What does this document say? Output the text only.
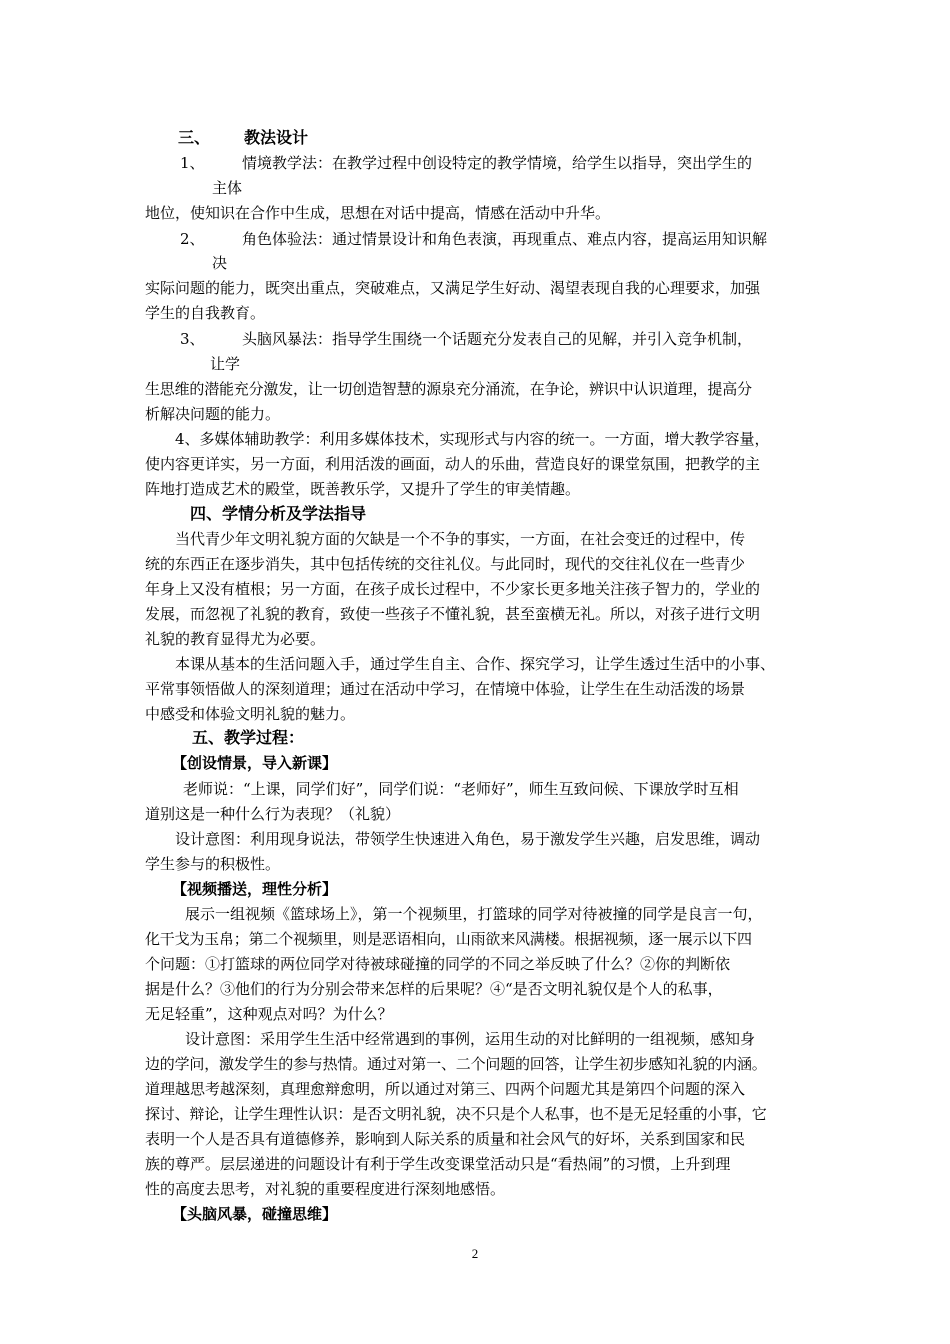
三、 教法设计
1、 情境教学法：在教学过程中创设特定的教学情境，给学生以指导，突出学生的
主体
地位，使知识在合作中生成，思想在对话中提高，情感在活动中升华。
2、 角色体验法：通过情景设计和角色表演，再现重点、难点内容，提高运用知识解
决
实际问题的能力，既突出重点，突破难点，又满足学生好动、渴望表现自我的心理要求，加强
学生的自我教育。
3、 头脑风暴法：指导学生围绕一个话题充分发表自己的见解，并引入竞争机制，
让学
生思维的潜能充分激发，让一切创造智慧的源泉充分涌流，在争论，辨识中认识道理，提高分
析解决问题的能力。
4、多媒体辅助教学：利用多媒体技术，实现形式与内容的统一。一方面，增大教学容量，
使内容更详实，另一方面，利用活泼的画面，动人的乐曲，营造良好的课堂氛围，把教学的主
阵地打造成艺术的殿堂，既善教乐学，又提升了学生的审美情趣。
四、学情分析及学法指导
当代青少年文明礼貌方面的欠缺是一个不争的事实，一方面，在社会变迁的过程中，传
统的东西正在逐步消失，其中包括传统的交往礼仪。与此同时，现代的交往礼仪在一些青少
年身上又没有植根；另一方面，在孩子成长过程中，不少家长更多地关注孩子智力的，学业的
发展，而忽视了礼貌的教育，致使一些孩子不懂礼貌，甚至蛮横无礼。所以，对孩子进行文明
礼貌的教育显得尤为必要。
本课从基本的生活问题入手，通过学生自主、合作、探究学习，让学生透过生活中的小事、
平常事领悟做人的深刻道理；通过在活动中学习，在情境中体验，让学生在生动活泼的场景
中感受和体验文明礼貌的魅力。
五、教学过程：
【创设情景，导入新课】
老师说：“上课，同学们好”，同学们说：“老师好”，师生互致问候、下课放学时互相
道别这是一种什么行为表现？（礼貌）
设计意图：利用现身说法，带领学生快速进入角色，易于激发学生兴趣，启发思维，调动
学生参与的积极性。
【视频播送，理性分析】
展示一组视频《篮球场上》，第一个视频里，打篮球的同学对待被撞的同学是良言一句，
化干戈为玉帛；第二个视频里，则是恶语相向，山雨欲来风满楼。根据视频，逐一展示以下四
个问题：①打篮球的两位同学对待被球碰撞的同学的不同之举反映了什么？②你的判断依
据是什么？③他们的行为分别会带来怎样的后果呢？④“是否文明礼貌仅是个人的私事，
无足轻重”，这种观点对吗？为什么？
设计意图：采用学生生活中经常遇到的事例，运用生动的对比鲜明的一组视频，感知身
边的学问，激发学生的参与热情。通过对第一、二个问题的回答，让学生初步感知礼貌的内涵。
道理越思考越深刻，真理愈辩愈明，所以通过对第三、四两个问题尤其是第四个问题的深入
探讨、辩论，让学生理性认识：是否文明礼貌，决不只是个人私事，也不是无足轻重的小事，它
表明一个人是否具有道德修养，影响到人际关系的质量和社会风气的好坏，关系到国家和民
族的尊严。层层递进的问题设计有利于学生改变课堂活动只是“看热闹”的习惯，上升到理
性的高度去思考，对礼貌的重要程度进行深刻地感悟。
【头脑风暴，碰撞思维】
2
